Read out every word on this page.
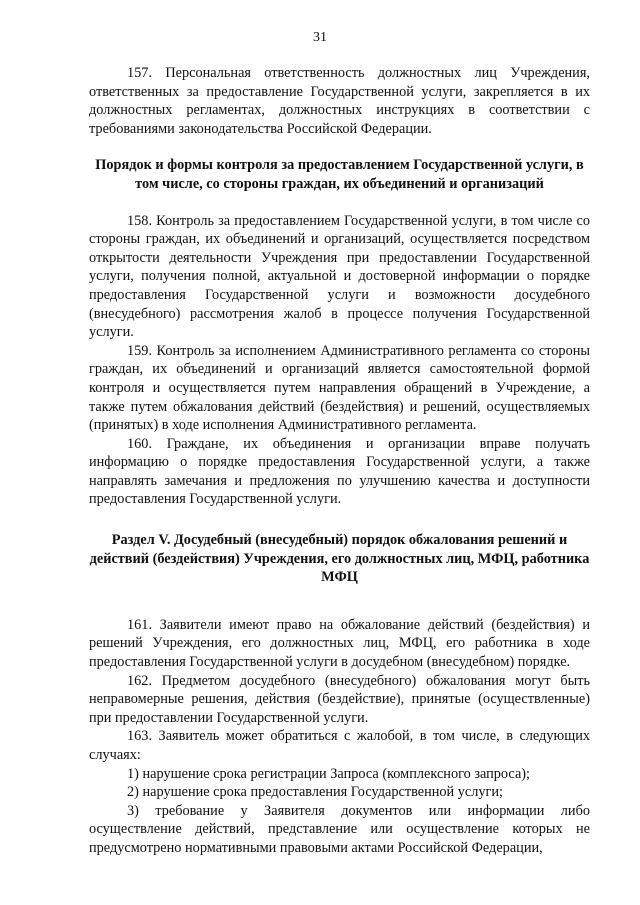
31

157. Персональная ответственность должностных лиц Учреждения, ответственных за предоставление Государственной услуги, закрепляется в их должностных регламентах, должностных инструкциях в соответствии с требованиями законодательства Российской Федерации.

Порядок и формы контроля за предоставлением Государственной услуги, в том числе, со стороны граждан, их объединений и организаций

158. Контроль за предоставлением Государственной услуги, в том числе со стороны граждан, их объединений и организаций, осуществляется посредством открытости деятельности Учреждения при предоставлении Государственной услуги, получения полной, актуальной и достоверной информации о порядке предоставления Государственной услуги и возможности досудебного (внесудебного) рассмотрения жалоб в процессе получения Государственной услуги.

159. Контроль за исполнением Административного регламента со стороны граждан, их объединений и организаций является самостоятельной формой контроля и осуществляется путем направления обращений в Учреждение, а также путем обжалования действий (бездействия) и решений, осуществляемых (принятых) в ходе исполнения Административного регламента.

160. Граждане, их объединения и организации вправе получать информацию о порядке предоставления Государственной услуги, а также направлять замечания и предложения по улучшению качества и доступности предоставления Государственной услуги.

Раздел V. Досудебный (внесудебный) порядок обжалования решений и действий (бездействия) Учреждения, его должностных лиц, МФЦ, работника МФЦ

161. Заявители имеют право на обжалование действий (бездействия) и решений Учреждения, его должностных лиц, МФЦ, его работника в ходе предоставления Государственной услуги в досудебном (внесудебном) порядке.

162. Предметом досудебного (внесудебного) обжалования могут быть неправомерные решения, действия (бездействие), принятые (осуществленные) при предоставлении Государственной услуги.

163. Заявитель может обратиться с жалобой, в том числе, в следующих случаях:

1) нарушение срока регистрации Запроса (комплексного запроса);

2) нарушение срока предоставления Государственной услуги;

3) требование у Заявителя документов или информации либо осуществление действий, представление или осуществление которых не предусмотрено нормативными правовыми актами Российской Федерации,
